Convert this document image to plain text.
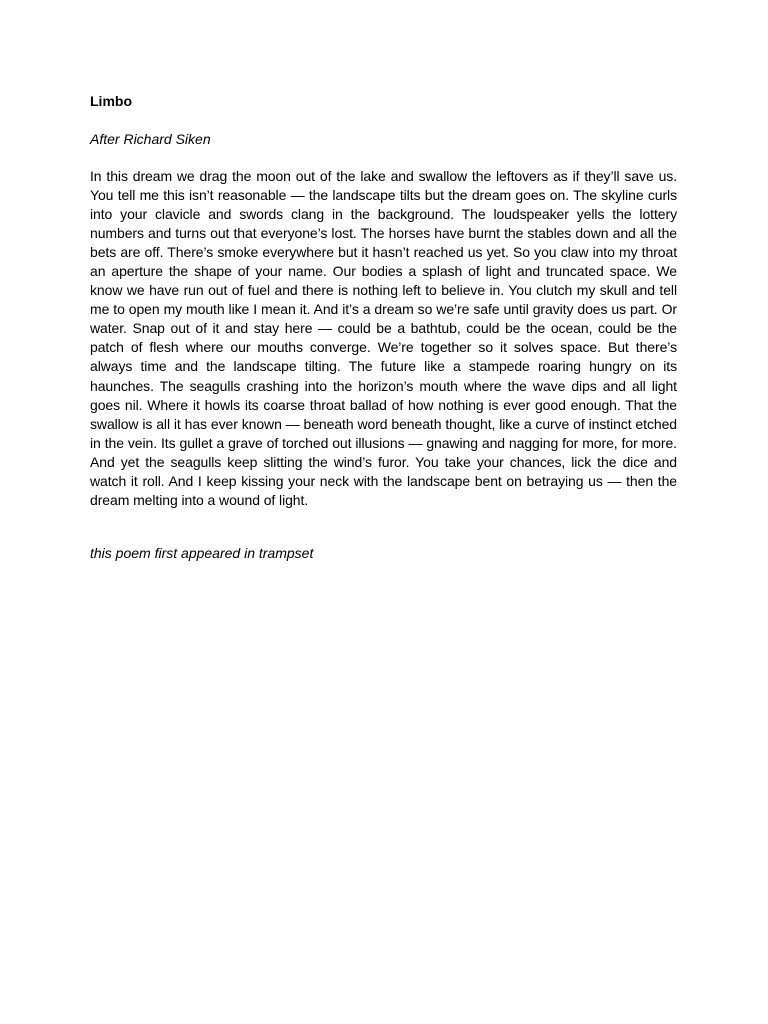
Limbo

After Richard Siken

In this dream we drag the moon out of the lake and swallow the leftovers as if they’ll save us. You tell me this isn’t reasonable — the landscape tilts but the dream goes on. The skyline curls into your clavicle and swords clang in the background. The loudspeaker yells the lottery numbers and turns out that everyone’s lost. The horses have burnt the stables down and all the bets are off. There’s smoke everywhere but it hasn’t reached us yet. So you claw into my throat an aperture the shape of your name. Our bodies a splash of light and truncated space. We know we have run out of fuel and there is nothing left to believe in. You clutch my skull and tell me to open my mouth like I mean it. And it’s a dream so we’re safe until gravity does us part. Or water. Snap out of it and stay here — could be a bathtub, could be the ocean, could be the patch of flesh where our mouths converge. We’re together so it solves space. But there’s always time and the landscape tilting. The future like a stampede roaring hungry on its haunches. The seagulls crashing into the horizon’s mouth where the wave dips and all light goes nil. Where it howls its coarse throat ballad of how nothing is ever good enough. That the swallow is all it has ever known — beneath word beneath thought, like a curve of instinct etched in the vein. Its gullet a grave of torched out illusions — gnawing and nagging for more, for more. And yet the seagulls keep slitting the wind’s furor. You take your chances, lick the dice and watch it roll. And I keep kissing your neck with the landscape bent on betraying us — then the dream melting into a wound of light.

this poem first appeared in trampset
